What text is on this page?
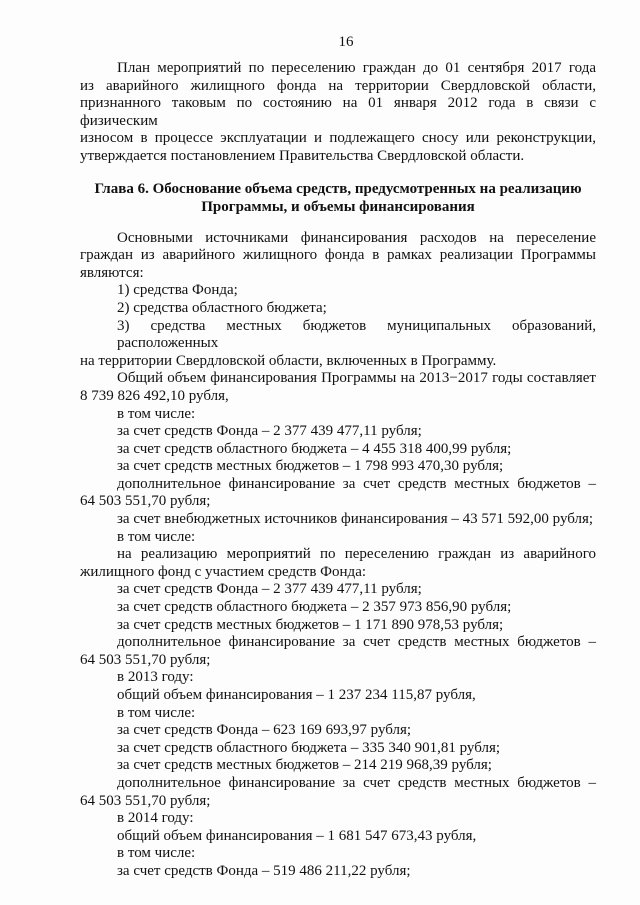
16

План мероприятий по переселению граждан до 01 сентября 2017 года

из аварийного жилищного фонда на территории Свердловской области,

признанного таковым по состоянию на 01 января 2012 года в связи с физическим

износом в процессе эксплуатации и подлежащего сносу или реконструкции,

утверждается постановлением Правительства Свердловской области.

Глава 6. Обоснование объема средств, предусмотренных на реализацию

Программы, и объемы финансирования

Основными источниками финансирования расходов на переселение

граждан из аварийного жилищного фонда в рамках реализации Программы

являются:

1) средства Фонда;

2) средства областного бюджета;

3) средства местных бюджетов муниципальных образований, расположенных

на территории Свердловской области, включенных в Программу.

Общий объем финансирования Программы на 2013−2017 годы составляет

8 739 826 492,10 рубля,

в том числе:

за счет средств Фонда – 2 377 439 477,11 рубля;

за счет средств областного бюджета – 4 455 318 400,99 рубля;

за счет средств местных бюджетов – 1 798 993 470,30 рубля;

дополнительное финансирование за счет средств местных бюджетов –

64 503 551,70 рубля;

за счет внебюджетных источников финансирования – 43 571 592,00 рубля;

в том числе:

на реализацию мероприятий по переселению граждан из аварийного

жилищного фонд с участием средств Фонда:

за счет средств Фонда – 2 377 439 477,11 рубля;

за счет средств областного бюджета – 2 357 973 856,90 рубля;

за счет средств местных бюджетов – 1 171 890 978,53 рубля;

дополнительное финансирование за счет средств местных бюджетов –

64 503 551,70 рубля;

в 2013 году:

общий объем финансирования – 1 237 234 115,87 рубля,

в том числе:

за счет средств Фонда – 623 169 693,97 рубля;

за счет средств областного бюджета – 335 340 901,81 рубля;

за счет средств местных бюджетов – 214 219 968,39 рубля;

дополнительное финансирование за счет средств местных бюджетов –

64 503 551,70 рубля;

в 2014 году:

общий объем финансирования – 1 681 547 673,43 рубля,

в том числе:

за счет средств Фонда – 519 486 211,22 рубля;
